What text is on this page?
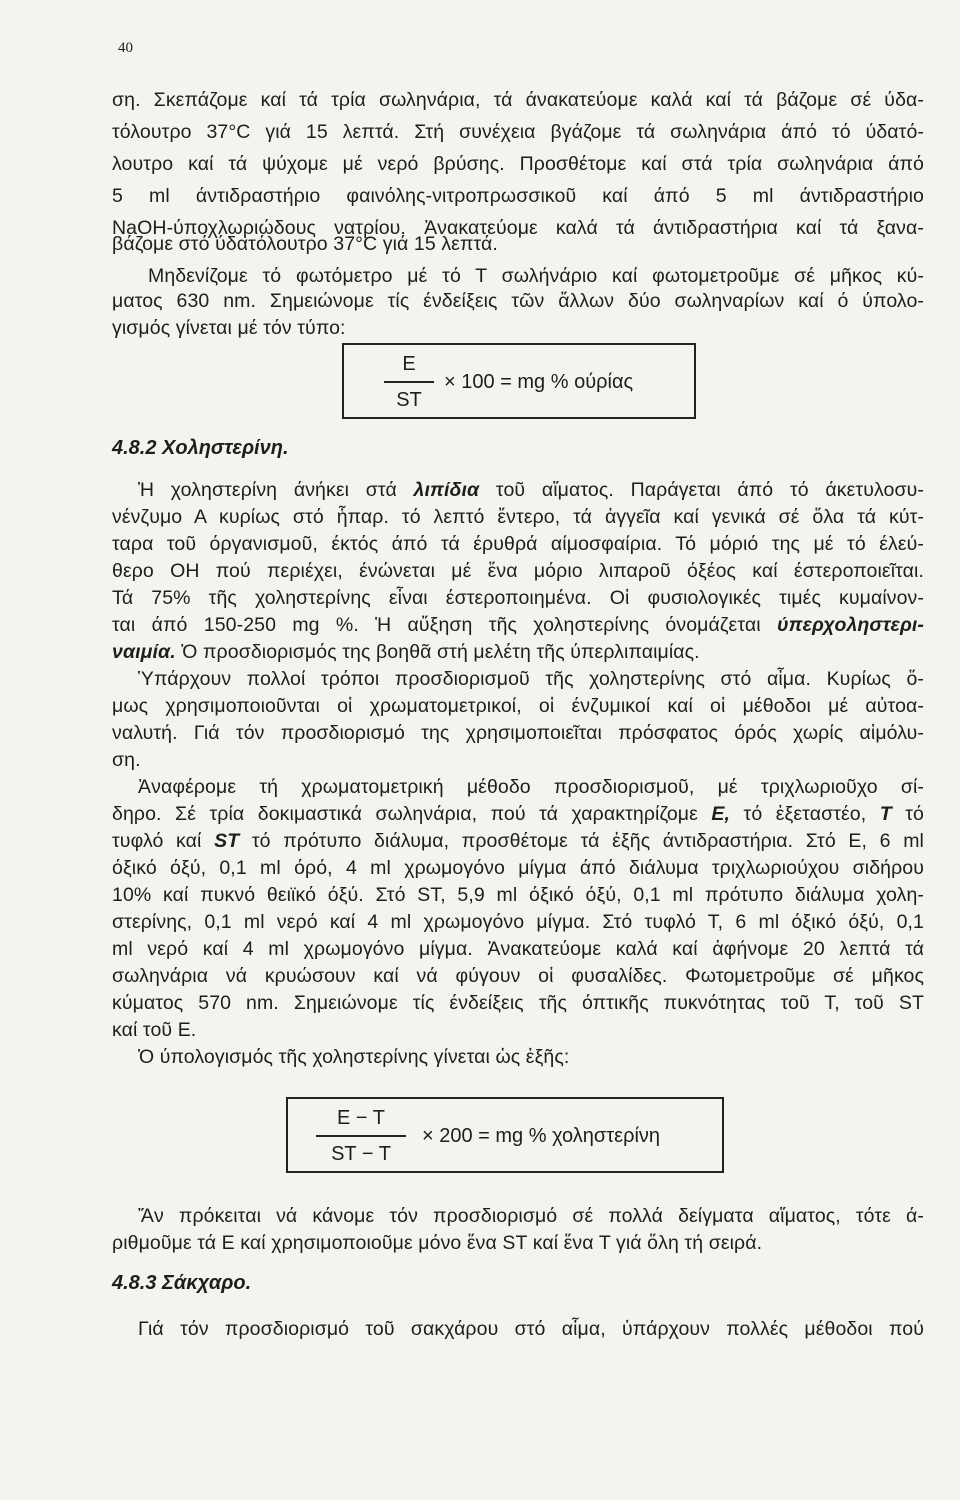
40
ση. Σκεπάζομε καί τά τρία σωληνάρια, τά άνακατεύομε καλά καί τά βάζομε σέ ύδα-
τόλουτρο 37°C γιά 15 λεπτά. Στή συνέχεια βγάζομε τά σωληνάρια άπό τό ύδατό-
λουτρο καί τά ψύχομε μέ νερό βρύσης. Προσθέτομε καί στά τρία σωληνάρια άπό
5 ml άντιδραστήριο φαινόλης-νιτροπρωσσικοῦ καί άπό 5 ml άντιδραστήριο
NaOH-ύποχλωριώδους νατρίου. Ἀνακατεύομε καλά τά άντιδραστήρια καί τά ξανα-
βάζομε στό ύδατόλουτρο 37°C γιά 15 λεπτά.
Μηδενίζομε τό φωτόμετρο μέ τό Τ σωλήνάριο καί φωτομετροῦμε σέ μῆκος κύ-
ματος 630 nm. Σημειώνομε τίς ένδείξεις τῶν ἄλλων δύο σωληναρίων καί ό ύπολο-
γισμός γίνεται μέ τόν τύπο:
E
ST
× 100 = mg % ούρίας
4.8.2 Χοληστερίνη.
Ἡ χοληστερίνη άνήκει στά λιπίδια τοῦ αἵματος. Παράγεται άπό τό άκετυλοσυ-
νένζυμο Α κυρίως στό ἧπαρ. τό λεπτό ἔντερο, τά ἀγγεῖα καί γενικά σέ ὅλα τά κύτ-
ταρα τοῦ όργανισμοῦ, έκτός άπό τά έρυθρά αίμοσφαίρια. Τό μόριό της μέ τό έλεύ-
θερο ΟΗ πού περιέχει, ένώνεται μέ ἕνα μόριο λιπαροῦ όξέος καί έστεροποιεῖται.
Τά 75% τῆς χοληστερίνης εἶναι έστεροποιημένα. Οἱ φυσιολογικές τιμές κυμαίνον-
ται άπό 150-250 mg %. Ἡ αὔξηση τῆς χοληστερίνης όνομάζεται ύπερχοληστερι-
ναιμία. Ὁ προσδιορισμός της βοηθᾶ στή μελέτη τῆς ύπερλιπαιμίας.
Ὑπάρχουν πολλοί τρόποι προσδιορισμοῦ τῆς χοληστερίνης στό αἷμα. Κυρίως ὅ-
μως χρησιμοποιοῦνται οἱ χρωματομετρικοί, οἱ ένζυμικοί καί οἱ μέθοδοι μέ αὐτοα-
ναλυτή. Γιά τόν προσδιορισμό της χρησιμοποιεῖται πρόσφατος όρός χωρίς αἱμόλυ-
ση.
Ἀναφέρομε τή χρωματομετρική μέθοδο προσδιορισμοῦ, μέ τριχλωριοῦχο σί-
δηρο. Σέ τρία δοκιμαστικά σωληνάρια, πού τά χαρακτηρίζομε Ε, τό ἐξεταστέο, Τ τό
τυφλό καί ST τό πρότυπο διάλυμα, προσθέτομε τά ἑξῆς άντιδραστήρια. Στό Ε, 6 ml
όξικό όξύ, 0,1 ml όρό, 4 ml χρωμογόνο μίγμα άπό διάλυμα τριχλωριούχου σιδήρου
10% καί πυκνό θειϊκό όξύ. Στό ST, 5,9 ml όξικό όξύ, 0,1 ml πρότυπο διάλυμα χολη-
στερίνης, 0,1 ml νερό καί 4 ml χρωμογόνο μίγμα. Στό τυφλό Τ, 6 ml όξικό όξύ, 0,1
ml νερό καί 4 ml χρωμογόνο μίγμα. Ἀνακατεύομε καλά καί ἀφήνομε 20 λεπτά τά
σωληνάρια νά κρυώσουν καί νά φύγουν οἱ φυσαλίδες. Φωτομετροῦμε σέ μῆκος
κύματος 570 nm. Σημειώνομε τίς ένδείξεις τῆς όπτικῆς πυκνότητας τοῦ Τ, τοῦ ST
καί τοῦ Ε.
Ὁ ύπολογισμός τῆς χοληστερίνης γίνεται ὡς ἑξῆς:
E − T
ST − T
× 200 = mg % χοληστερίνη
Ἄν πρόκειται νά κάνομε τόν προσδιορισμό σέ πολλά δείγματα αἵματος, τότε ά-
ριθμοῦμε τά Ε καί χρησιμοποιοῦμε μόνο ἕνα ST καί ἕνα Τ γιά ὅλη τή σειρά.
4.8.3 Σάκχαρο.
Γιά τόν προσδιορισμό τοῦ σακχάρου στό αἷμα, ὑπάρχουν πολλές μέθοδοι πού
